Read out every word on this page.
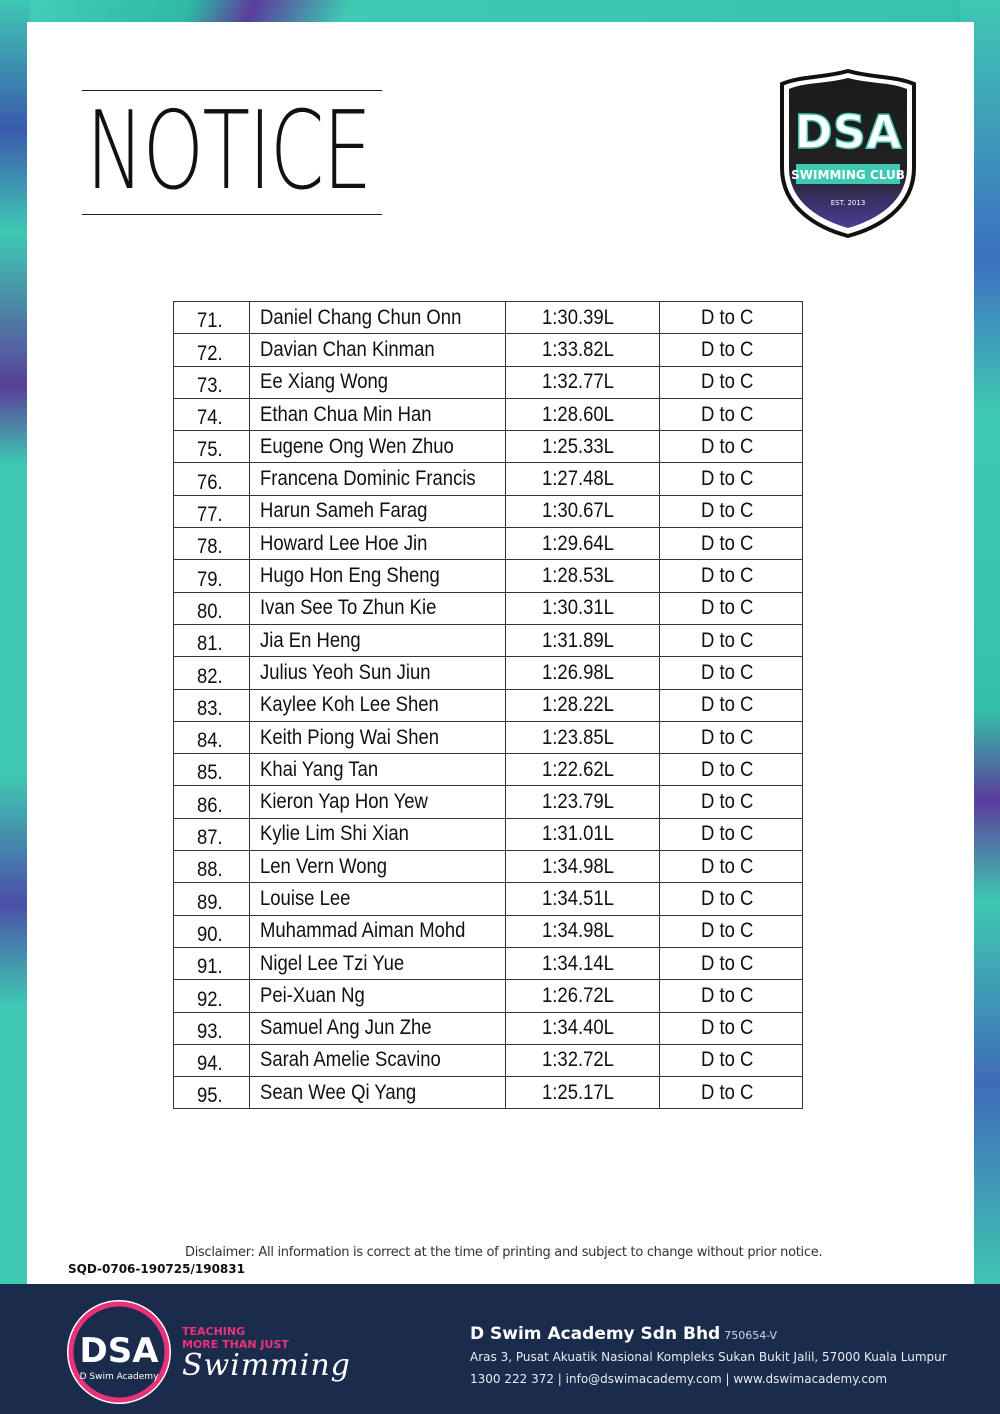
NOTICE	DSA
SWIMMING CLUB
EST. 2013
71.	Daniel Chang Chun Onn	1:30.39L	D to C
72.	Davian Chan Kinman	1:33.82L	D to C
73.	Ee Xiang Wong	1:32.77L	D to C
74.	Ethan Chua Min Han	1:28.60L	D to C
75.	Eugene Ong Wen Zhuo	1:25.33L	D to C
76.	Francena Dominic Francis	1:27.48L	D to C
77.	Harun Sameh Farag	1:30.67L	D to C
78.	Howard Lee Hoe Jin	1:29.64L	D to C
79.	Hugo Hon Eng Sheng	1:28.53L	D to C
80.	Ivan See To Zhun Kie	1:30.31L	D to C
81.	Jia En Heng	1:31.89L	D to C
82.	Julius Yeoh Sun Jiun	1:26.98L	D to C
83.	Kaylee Koh Lee Shen	1:28.22L	D to C
84.	Keith Piong Wai Shen	1:23.85L	D to C
85.	Khai Yang Tan	1:22.62L	D to C
86.	Kieron Yap Hon Yew	1:23.79L	D to C
87.	Kylie Lim Shi Xian	1:31.01L	D to C
88.	Len Vern Wong	1:34.98L	D to C
89.	Louise Lee	1:34.51L	D to C
90.	Muhammad Aiman Mohd	1:34.98L	D to C
91.	Nigel Lee Tzi Yue	1:34.14L	D to C
92.	Pei-Xuan Ng	1:26.72L	D to C
93.	Samuel Ang Jun Zhe	1:34.40L	D to C
94.	Sarah Amelie Scavino	1:32.72L	D to C
95.	Sean Wee Qi Yang	1:25.17L	D to C
Disclaimer: All information is correct at the time of printing and subject to change without prior notice.
SQD-0706-190725/190831
DSA
D Swim Academy
TEACHING
MORE THAN JUST
Swimming
D Swim Academy Sdn Bhd 750654-V
Aras 3, Pusat Akuatik Nasional Kompleks Sukan Bukit Jalil, 57000 Kuala Lumpur
1300 222 372 | info@dswimacademy.com | www.dswimacademy.com
